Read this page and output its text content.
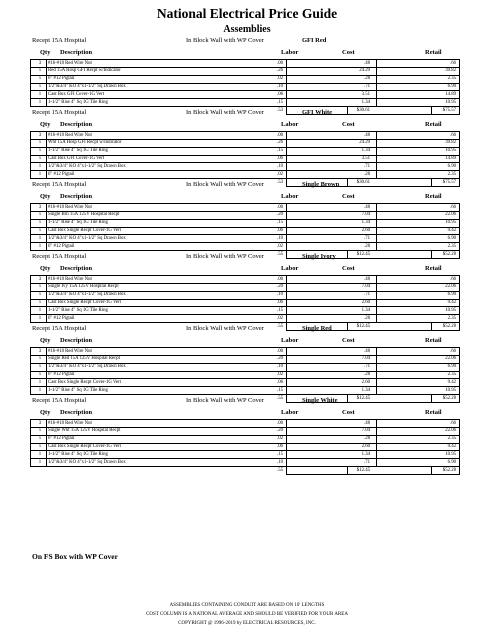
National Electrical Price Guide
Assemblies
Recept 15A Hospital	In Block Wall with WP Cover	GFI Red
Qty Description	Labor	Cost	Retail
3	#16-#10 Red Wire Nut	.00	.48	.66
1	Red 15A Hosp GFI Recpt w/Indicator	.26	24.29	39.82
1	6" #12 Pigtail	.02	.28	2.35
1	1/2"&3/4" KO 4"x1-1/2" Sq Drawn Box	.10	.71	6.90
1	Cast Box GFI Cover-1G Vert	.06	3.51	14.89
1	1-1/2" Rise 4" Sq 1G Tile Ring	.15	1.34	10.95
.53	$30.61	$75.57
Recept 15A Hospital	In Block Wall with WP Cover	GFI White
Qty Description	Labor	Cost	Retail
3	#16-#10 Red Wire Nut	.00	.48	.66
1	Wht 15A Hosp GFI Recpt w/Indicator	.26	24.29	39.82
1	1-1/2" Rise 4" Sq 1G Tile Ring	.15	1.34	10.95
1	Cast Box GFI Cover-1G Vert	.06	3.51	14.89
1	1/2"&3/4" KO 4"x1-1/2" Sq Drawn Box	.10	.71	6.90
1	6" #12 Pigtail	.02	.28	2.35
.53	$30.61	$75.57
Recept 15A Hospital	In Block Wall with WP Cover	Single Brown
Qty Description	Labor	Cost	Retail
3	#16-#10 Red Wire Nut	.00	.48	.66
1	Single Brn 15A 125V Hospital Recpt	.20	7.04	22.06
1	1-1/2" Rise 4" Sq 1G Tile Ring	.15	1.34	10.95
1	Cast Box Single Recpt Cover-1G Vert	.06	2.60	9.42
1	1/2"&3/4" KO 4"x1-1/2" Sq Drawn Box	.10	.71	6.90
1	6" #12 Pigtail	.02	.28	2.35
.55	$12.45	$52.28
Recept 15A Hospital	In Block Wall with WP Cover	Single Ivory
Qty Description	Labor	Cost	Retail
3	#16-#10 Red Wire Nut	.00	.48	.66
1	Single Ivy 15A 125V Hospital Recpt	.20	7.04	22.06
1	1/2"&3/4" KO 4"x1-1/2" Sq Drawn Box	.10	.71	6.90
1	Cast Box Single Recpt Cover-1G Vert	.06	2.60	9.42
1	1-1/2" Rise 4" Sq 1G Tile Ring	.15	1.34	10.95
1	6" #12 Pigtail	.02	.28	2.35
.55	$12.45	$52.28
Recept 15A Hospital	In Block Wall with WP Cover	Single Red
Qty Description	Labor	Cost	Retail
3	#16-#10 Red Wire Nut	.00	.48	.66
1	Single Red 15A 125V Hospital Recpt	.20	7.04	22.06
1	1/2"&3/4" KO 4"x1-1/2" Sq Drawn Box	.10	.71	6.90
1	6" #12 Pigtail	.02	.28	2.35
1	Cast Box Single Recpt Cover-1G Vert	.06	2.60	9.42
1	1-1/2" Rise 4" Sq 1G Tile Ring	.15	1.34	10.95
.55	$12.45	$52.28
Recept 15A Hospital	In Block Wall with WP Cover	Single White
Qty Description	Labor	Cost	Retail
3	#16-#10 Red Wire Nut	.00	.48	.66
1	Single Wht 15A 125V Hospital Recpt	.20	7.04	22.06
1	6" #12 Pigtail	.02	.28	2.35
1	Cast Box Single Recpt Cover-1G Vert	.06	2.60	9.42
1	1-1/2" Rise 4" Sq 1G Tile Ring	.15	1.34	10.95
1	1/2"&3/4" KO 4"x1-1/2" Sq Drawn Box	.10	.71	6.90
.55	$12.45	$52.28
On FS Box with WP Cover
ASSEMBLIES CONTAINING CONDUIT ARE BASED ON 10' LENGTHS
COST COLUMN IS A NATIONAL AVERAGE AND SHOULD BE VERIFIED FOR YOUR AREA
COPYRIGHT @ 1996-2019 by ELECTRICAL RESOURCES, INC.
